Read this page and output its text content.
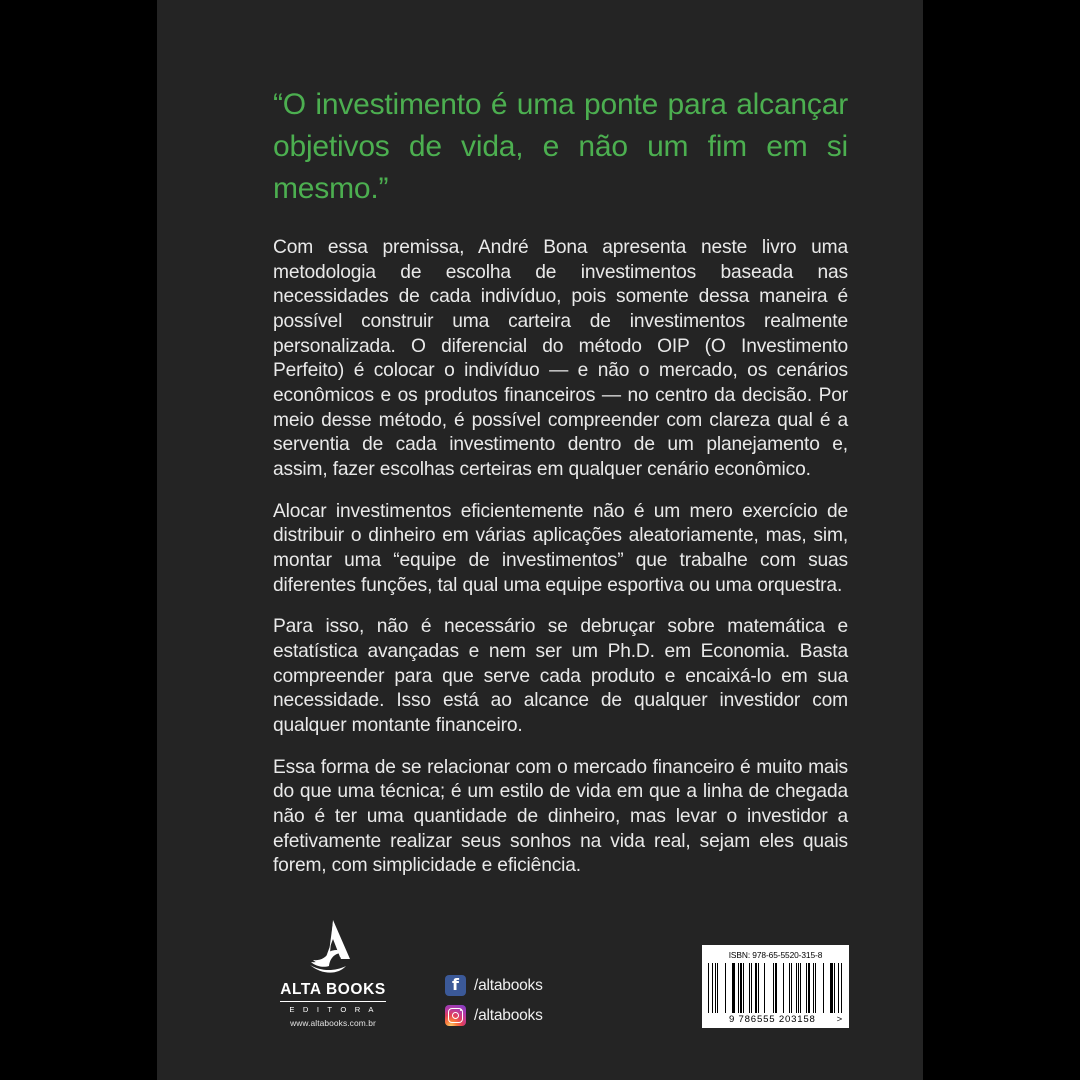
“O investimento é uma ponte para alcançar objetivos de vida, e não um fim em si mesmo.”

Com essa premissa, André Bona apresenta neste livro uma metodologia de escolha de investimentos baseada nas necessidades de cada indivíduo, pois somente dessa maneira é possível construir uma carteira de investimentos realmente personalizada. O diferencial do método OIP (O Investimento Perfeito) é colocar o indivíduo — e não o mercado, os cenários econômicos e os produtos financeiros — no centro da decisão. Por meio desse método, é possível compreender com clareza qual é a serventia de cada investimento dentro de um planejamento e, assim, fazer escolhas certeiras em qualquer cenário econômico.

Alocar investimentos eficientemente não é um mero exercício de distribuir o dinheiro em várias aplicações aleatoriamente, mas, sim, montar uma “equipe de investimentos” que trabalhe com suas diferentes funções, tal qual uma equipe esportiva ou uma orquestra.

Para isso, não é necessário se debruçar sobre matemática e estatística avançadas e nem ser um Ph.D. em Economia. Basta compreender para que serve cada produto e encaixá-lo em sua necessidade. Isso está ao alcance de qualquer investidor com qualquer montante financeiro.

Essa forma de se relacionar com o mercado financeiro é muito mais do que uma técnica; é um estilo de vida em que a linha de chegada não é ter uma quantidade de dinheiro, mas levar o investidor a efetivamente realizar seus sonhos na vida real, sejam eles quais forem, com simplicidade e eficiência.

ALTA BOOKS
E D I T O R A
www.altabooks.com.br
f /altabooks
/altabooks
ISBN: 978-65-5520-315-8
9 786555 203158 >
